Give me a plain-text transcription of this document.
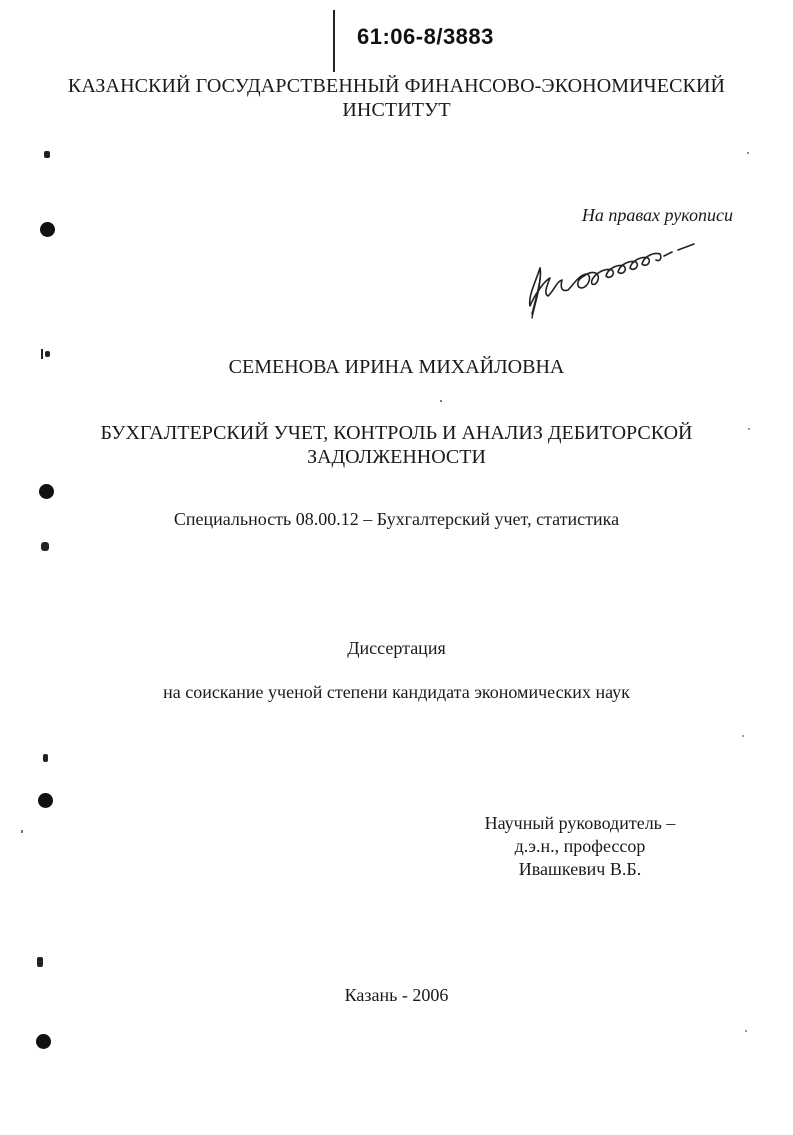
61:06-8/3883
КАЗАНСКИЙ ГОСУДАРСТВЕННЫЙ ФИНАНСОВО-ЭКОНОМИЧЕСКИЙ
ИНСТИТУТ
На правах рукописи
СЕМЕНОВА ИРИНА МИХАЙЛОВНА
БУХГАЛТЕРСКИЙ УЧЕТ, КОНТРОЛЬ И АНАЛИЗ ДЕБИТОРСКОЙ
ЗАДОЛЖЕННОСТИ
Специальность 08.00.12 – Бухгалтерский учет, статистика
Диссертация
на соискание ученой степени кандидата экономических наук
Научный руководитель –
д.э.н., профессор
Ивашкевич В.Б.
Казань - 2006
